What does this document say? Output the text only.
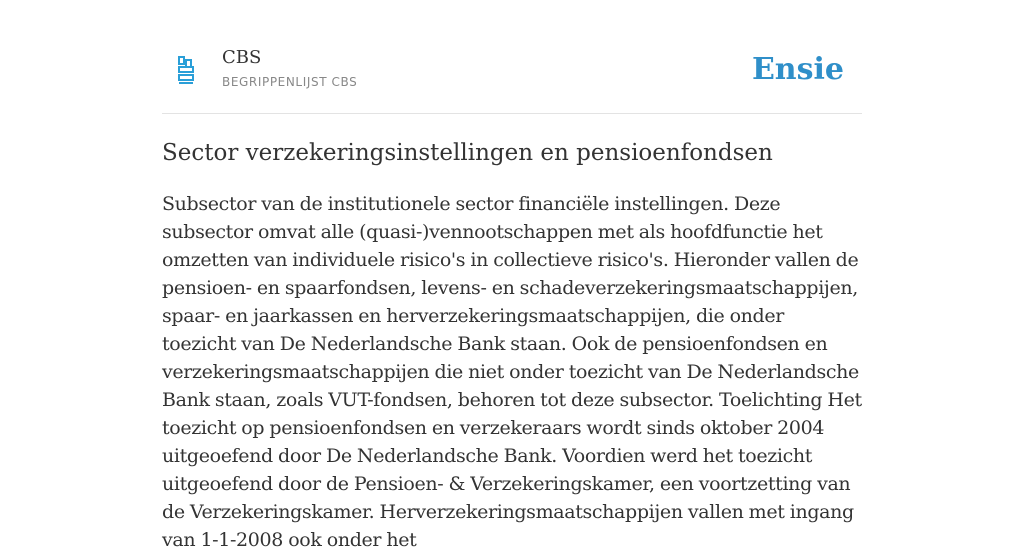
CBS
BEGRIPPENLIJST CBS	Ensie
Sector verzekeringsinstellingen en pensioenfondsen

Subsector van de institutionele sector financiële instellingen. Deze subsector omvat alle (quasi-)vennootschappen met als hoofdfunctie het omzetten van individuele risico's in collectieve risico's. Hieronder vallen de pensioen- en spaarfondsen, levens- en schadeverzekeringsmaatschappijen, spaar- en jaarkassen en herverzekeringsmaatschappijen, die onder toezicht van De Nederlandsche Bank staan. Ook de pensioenfondsen en verzekeringsmaatschappijen die niet onder toezicht van De Nederlandsche Bank staan, zoals VUT-fondsen, behoren tot deze subsector. Toelichting Het toezicht op pensioenfondsen en verzekeraars wordt sinds oktober 2004 uitgeoefend door De Nederlandsche Bank. Voordien werd het toezicht uitgeoefend door de Pensioen- & Verzekeringskamer, een voortzetting van de Verzekeringskamer. Herverzekeringsmaatschappijen vallen met ingang van 1-1-2008 ook onder het
